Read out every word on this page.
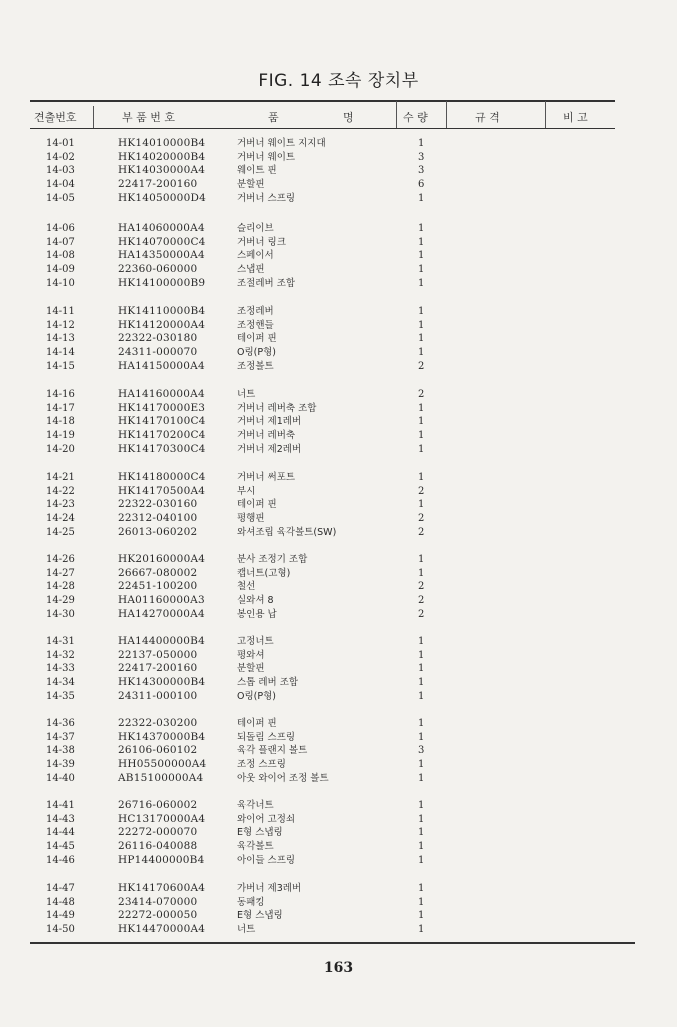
FIG. 14 조속 장치부
견출번호	부 품 번 호	품	명	수 량	규 격	비 고
14-01	HK14010000B4	거버너 웨이트 지지대	1
14-02	HK14020000B4	거버너 웨이트	3
14-03	HK14030000A4	웨이트 핀	3
14-04	22417-200160	분할핀	6
14-05	HK14050000D4	거버너 스프링	1
14-06	HA14060000A4	슬리이브	1
14-07	HK14070000C4	거버너 링크	1
14-08	HA14350000A4	스페이서	1
14-09	22360-060000	스냅핀	1
14-10	HK14100000B9	조절레버 조합	1
14-11	HK14110000B4	조정레버	1
14-12	HK14120000A4	조정핸들	1
14-13	22322-030180	테이퍼 핀	1
14-14	24311-000070	O링(P형)	1
14-15	HA14150000A4	조정볼트	2
14-16	HA14160000A4	너트	2
14-17	HK14170000E3	거버너 레버축 조합	1
14-18	HK14170100C4	거버너 제1레버	1
14-19	HK14170200C4	거버너 레버축	1
14-20	HK14170300C4	거버너 제2레버	1
14-21	HK14180000C4	거버너 써포트	1
14-22	HK14170500A4	부시	2
14-23	22322-030160	테이퍼 핀	1
14-24	22312-040100	평행핀	2
14-25	26013-060202	와셔조립 육각볼트(SW)	2
14-26	HK20160000A4	분사 조정기 조합	1
14-27	26667-080002	캡너트(고형)	1
14-28	22451-100200	철선	2
14-29	HA01160000A3	실와셔 8	2
14-30	HA14270000A4	봉인용 납	2
14-31	HA14400000B4	고정너트	1
14-32	22137-050000	평와셔	1
14-33	22417-200160	분할핀	1
14-34	HK14300000B4	스톱 레버 조합	1
14-35	24311-000100	O링(P형)	1
14-36	22322-030200	테이퍼 핀	1
14-37	HK14370000B4	되돌림 스프링	1
14-38	26106-060102	육각 플랜지 볼트	3
14-39	HH05500000A4	조정 스프링	1
14-40	AB15100000A4	아웃 와이어 조정 볼트	1
14-41	26716-060002	육각너트	1
14-43	HC13170000A4	와이어 고정쇠	1
14-44	22272-000070	E형 스냅링	1
14-45	26116-040088	육각볼트	1
14-46	HP14400000B4	아이들 스프링	1
14-47	HK14170600A4	가버너 제3레버	1
14-48	23414-070000	동패킹	1
14-49	22272-000050	E형 스냅링	1
14-50	HK14470000A4	너트	1
163
